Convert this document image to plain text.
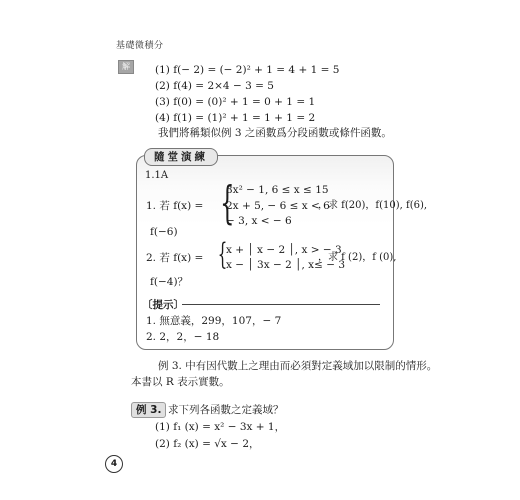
基礎微積分
解	(1) f(− 2) = (− 2)² + 1 = 4 + 1 = 5
(2) f(4) = 2×4 − 3 = 5
(3) f(0) = (0)² + 1 = 0 + 1 = 1
(4) f(1) = (1)² + 1 = 1 + 1 = 2
我們將稱類似例 3 之函數爲分段函數或條件函數。
隨堂演練
1.1A
1. 若 f(x) = {
3x² − 1, 6 ≤ x ≤ 15
2x + 5, − 6 ≤ x < 6
− 3, x < − 6
，求 f(20)，f(10), f(6),
f(−6)
2. 若 f(x) = {
x + │ x − 2 │, x > − 3
x − │ 3x − 2 │, x≤ − 3
，求 f (2)，f (0),
f(−4)？
〔提示〕
1. 無意義，299，107，− 7
2. 2，2，− 18
例 3. 中有因代數上之理由而必須對定義域加以限制的情形。
本書以 R 表示實數。
例 3. 求下列各函數之定義域？
(1) f₁ (x) = x² − 3x + 1，
(2) f₂ (x) = √x − 2，
4
